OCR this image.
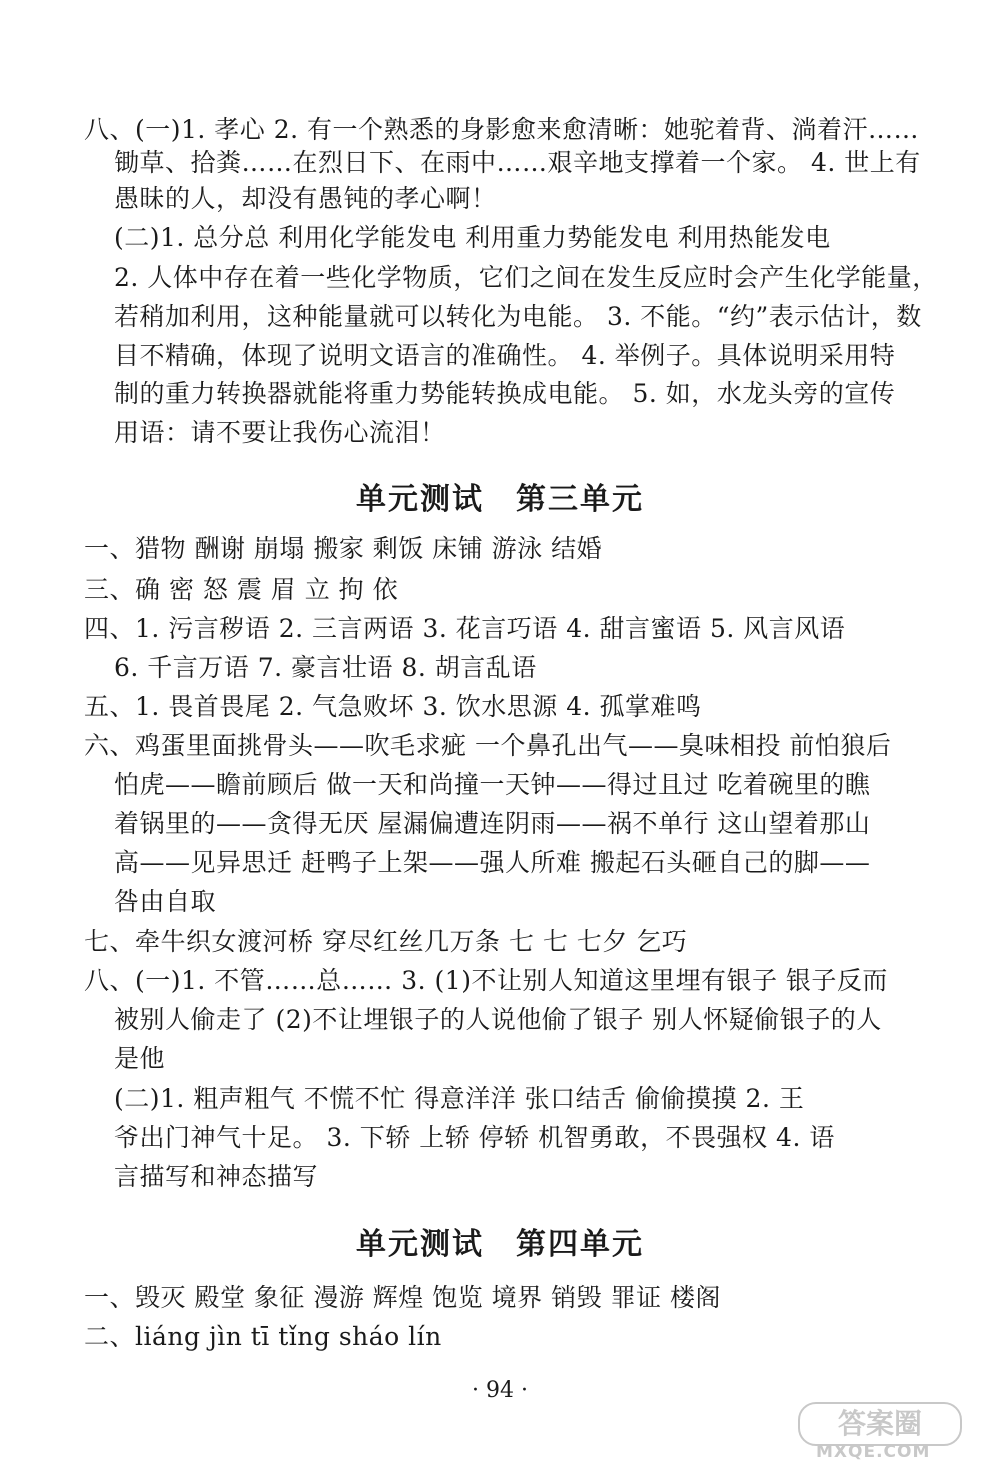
八、(一)1. 孝心 2. 有一个熟悉的身影愈来愈清晰：她驼着背、淌着汗……
锄草、拾粪……在烈日下、在雨中……艰辛地支撑着一个家。 4. 世上有
愚昧的人，却没有愚钝的孝心啊！
(二)1. 总分总 利用化学能发电 利用重力势能发电 利用热能发电
2. 人体中存在着一些化学物质，它们之间在发生反应时会产生化学能量，
若稍加利用，这种能量就可以转化为电能。 3. 不能。“约”表示估计，数
目不精确，体现了说明文语言的准确性。 4. 举例子。具体说明采用特
制的重力转换器就能将重力势能转换成电能。 5. 如，水龙头旁的宣传
用语：请不要让我伤心流泪！
单元测试　第三单元
一、猎物 酬谢 崩塌 搬家 剩饭 床铺 游泳 结婚
三、确 密 怒 震 眉 立 拘 依
四、1. 污言秽语 2. 三言两语 3. 花言巧语 4. 甜言蜜语 5. 风言风语
6. 千言万语 7. 豪言壮语 8. 胡言乱语
五、1. 畏首畏尾 2. 气急败坏 3. 饮水思源 4. 孤掌难鸣
六、鸡蛋里面挑骨头——吹毛求疵 一个鼻孔出气——臭味相投 前怕狼后
怕虎——瞻前顾后 做一天和尚撞一天钟——得过且过 吃着碗里的瞧
着锅里的——贪得无厌 屋漏偏遭连阴雨——祸不单行 这山望着那山
高——见异思迁 赶鸭子上架——强人所难 搬起石头砸自己的脚——
咎由自取
七、牵牛织女渡河桥 穿尽红丝几万条 七 七 七夕 乞巧
八、(一)1. 不管……总…… 3. (1)不让别人知道这里埋有银子 银子反而
被别人偷走了 (2)不让埋银子的人说他偷了银子 别人怀疑偷银子的人
是他
(二)1. 粗声粗气 不慌不忙 得意洋洋 张口结舌 偷偷摸摸 2. 王
爷出门神气十足。 3. 下轿 上轿 停轿 机智勇敢，不畏强权 4. 语
言描写和神态描写
单元测试　第四单元
一、毁灭 殿堂 象征 漫游 辉煌 饱览 境界 销毁 罪证 楼阁
二、liáng jìn tī tǐng sháo lín
· 94 ·
答案圈
MXQE.COM
